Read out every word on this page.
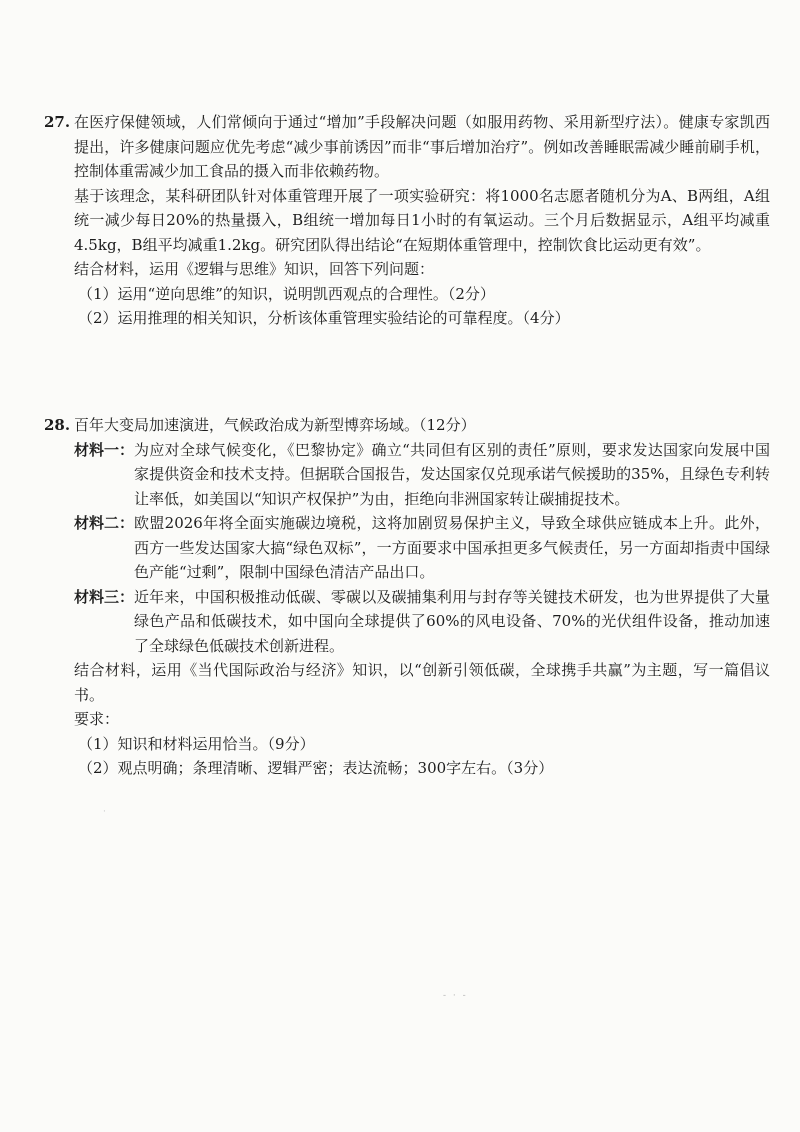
27. 在医疗保健领域，人们常倾向于通过“增加”手段解决问题（如服用药物、采用新型疗法）。健康专家凯西提出，许多健康问题应优先考虑“减少事前诱因”而非“事后增加治疗”。例如改善睡眠需减少睡前刷手机，控制体重需减少加工食品的摄入而非依赖药物。

基于该理念，某科研团队针对体重管理开展了一项实验研究：将1000名志愿者随机分为A、B两组，A组统一减少每日20%的热量摄入，B组统一增加每日1小时的有氧运动。三个月后数据显示，A组平均减重4.5kg，B组平均减重1.2kg。研究团队得出结论“在短期体重管理中，控制饮食比运动更有效”。

结合材料，运用《逻辑与思维》知识，回答下列问题：

（1）运用“逆向思维”的知识，说明凯西观点的合理性。（2分）

（2）运用推理的相关知识，分析该体重管理实验结论的可靠程度。（4分）

28. 百年大变局加速演进，气候政治成为新型博弈场域。（12分）

材料一： 为应对全球气候变化，《巴黎协定》确立“共同但有区别的责任”原则，要求发达国家向发展中国家提供资金和技术支持。但据联合国报告，发达国家仅兑现承诺气候援助的35%，且绿色专利转让率低，如美国以“知识产权保护”为由，拒绝向非洲国家转让碳捕捉技术。

材料二： 欧盟2026年将全面实施碳边境税，这将加剧贸易保护主义，导致全球供应链成本上升。此外，西方一些发达国家大搞“绿色双标”，一方面要求中国承担更多气候责任，另一方面却指责中国绿色产能“过剩”，限制中国绿色清洁产品出口。

材料三： 近年来，中国积极推动低碳、零碳以及碳捕集利用与封存等关键技术研发，也为世界提供了大量绿色产品和低碳技术，如中国向全球提供了60%的风电设备、70%的光伏组件设备，推动加速了全球绿色低碳技术创新进程。

结合材料，运用《当代国际政治与经济》知识，以“创新引领低碳，全球携手共赢”为主题，写一篇倡议书。

要求：

（1）知识和材料运用恰当。（9分）

（2）观点明确；条理清晰、逻辑严密；表达流畅；300字左右。（3分）

·
- · -
